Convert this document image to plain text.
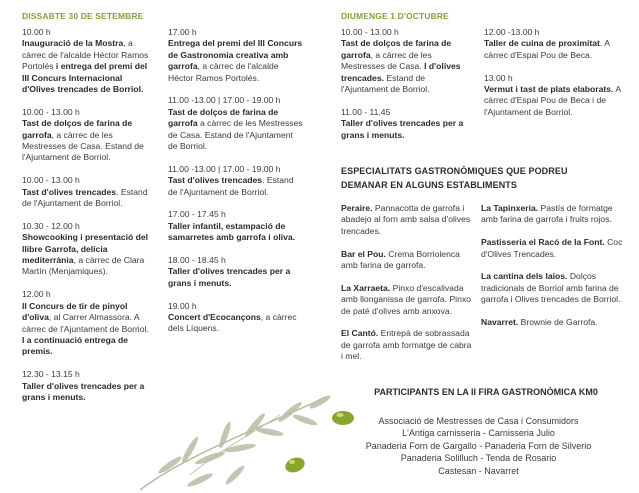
DISSABTE 30 DE SETEMBRE	DIUMENGE 1 D'OCTUBRE
10.00 h

Inauguració de la Mostra, a càrrec de l'alcalde Héctor Ramos Portolés i entrega del premi del III Concurs Internacional d'Olives trencades de Borriol.

10.00 - 13.00 h

Tast de dolços de farina de garrofa, a càrrec de les Mestresses de Casa. Estand de l'Ajuntament de Borriol.

10.00 - 13.00 h

Tast d'olives trencades. Estand de l'Ajuntament de Borriol.

10.30 - 12.00 h

Showcooking i presentació del llibre Garrofa, delícia mediterrània, a càrrec de Clara Martín (Menjamiques).

12.00 h

II Concurs de tir de pinyol d'oliva, al Carrer Almassora. A càrrec de l'Ajuntament de Borriol. I a continuació entrega de premis.

12.30 - 13.15 h

Taller d'olives trencades per a grans i menuts.

17.00 h

Entrega del premi del III Concurs de Gastronomia creativa amb garrofa, a càrrec de l'alcalde Héctor Ramos Portolés.

11.00 -13.00 | 17.00 - 19.00 h

Tast de dolços de farina de garrofa a càrrec de les Mestresses de Casa. Estand de l'Ajuntament de Borriol.

11.00 -13.00 | 17.00 - 19.00 h

Tast d'olives trencades. Estand de l'Ajuntament de Borriol.

17.00 - 17.45 h

Taller infantil, estampació de samarretes amb garrofa i oliva.

18.00 - 18.45 h

Taller d'olives trencades per a grans i menuts.

19.00 h

Concert d'Ecocançons, a càrrec dels Líquens.

10.00 - 13.00 h

Tast de dolços de farina de garrofa, a càrrec de les Mestresses de Casa. I d'olives trencades. Estand de l'Ajuntament de Borriol.

11.00 - 11.45

Taller d'olives trencades per a grans i menuts.

12.00 -13.00 h

Taller de cuina de proximitat. A càrrec d'Espai Pou de Beca.

13.00 h

Vermut i tast de plats elaborats. A càrrec d'Espai Pou de Beca i de l'Ajuntament de Borriol.

ESPECIALITATS GASTRONÒMIQUES QUE PODREU
DEMANAR EN ALGUNS ESTABLIMENTS

Peraire. Pannacotta de garrofa i abadejo al forn amb salsa d'olives trencades.

Bar el Pou. Crema Borriolenca amb farina de garrofa.

La Xarraeta. Pinxo d'escalivada amb llonganissa de garrofa. Pinxo de paté d'olives amb anxova.

El Cantó. Entrepà de sobrassada de garrofa amb formatge de cabra i mel.

La Tapinxeria. Pastís de formatge amb farina de garrofa i fruits rojos.

Pastisseria el Racó de la Font. Coc d'Olives Trencades.

La cantina dels laios. Dolços tradicionals de Borriol amb farina de garrofa i Olives trencades de Borriol.

Navarret. Brownie de Garrofa.

PARTICIPANTS EN LA II FIRA GASTRONÒMICA KM0
Associació de Mestresses de Casa i Consumidors
L'Antiga carnisseria - Carnisseria Julio
Panaderia Forn de Gargallo - Panaderia Forn de Silverio
Panaderia Solilluch - Tenda de Rosario
Castesan - Navarret
